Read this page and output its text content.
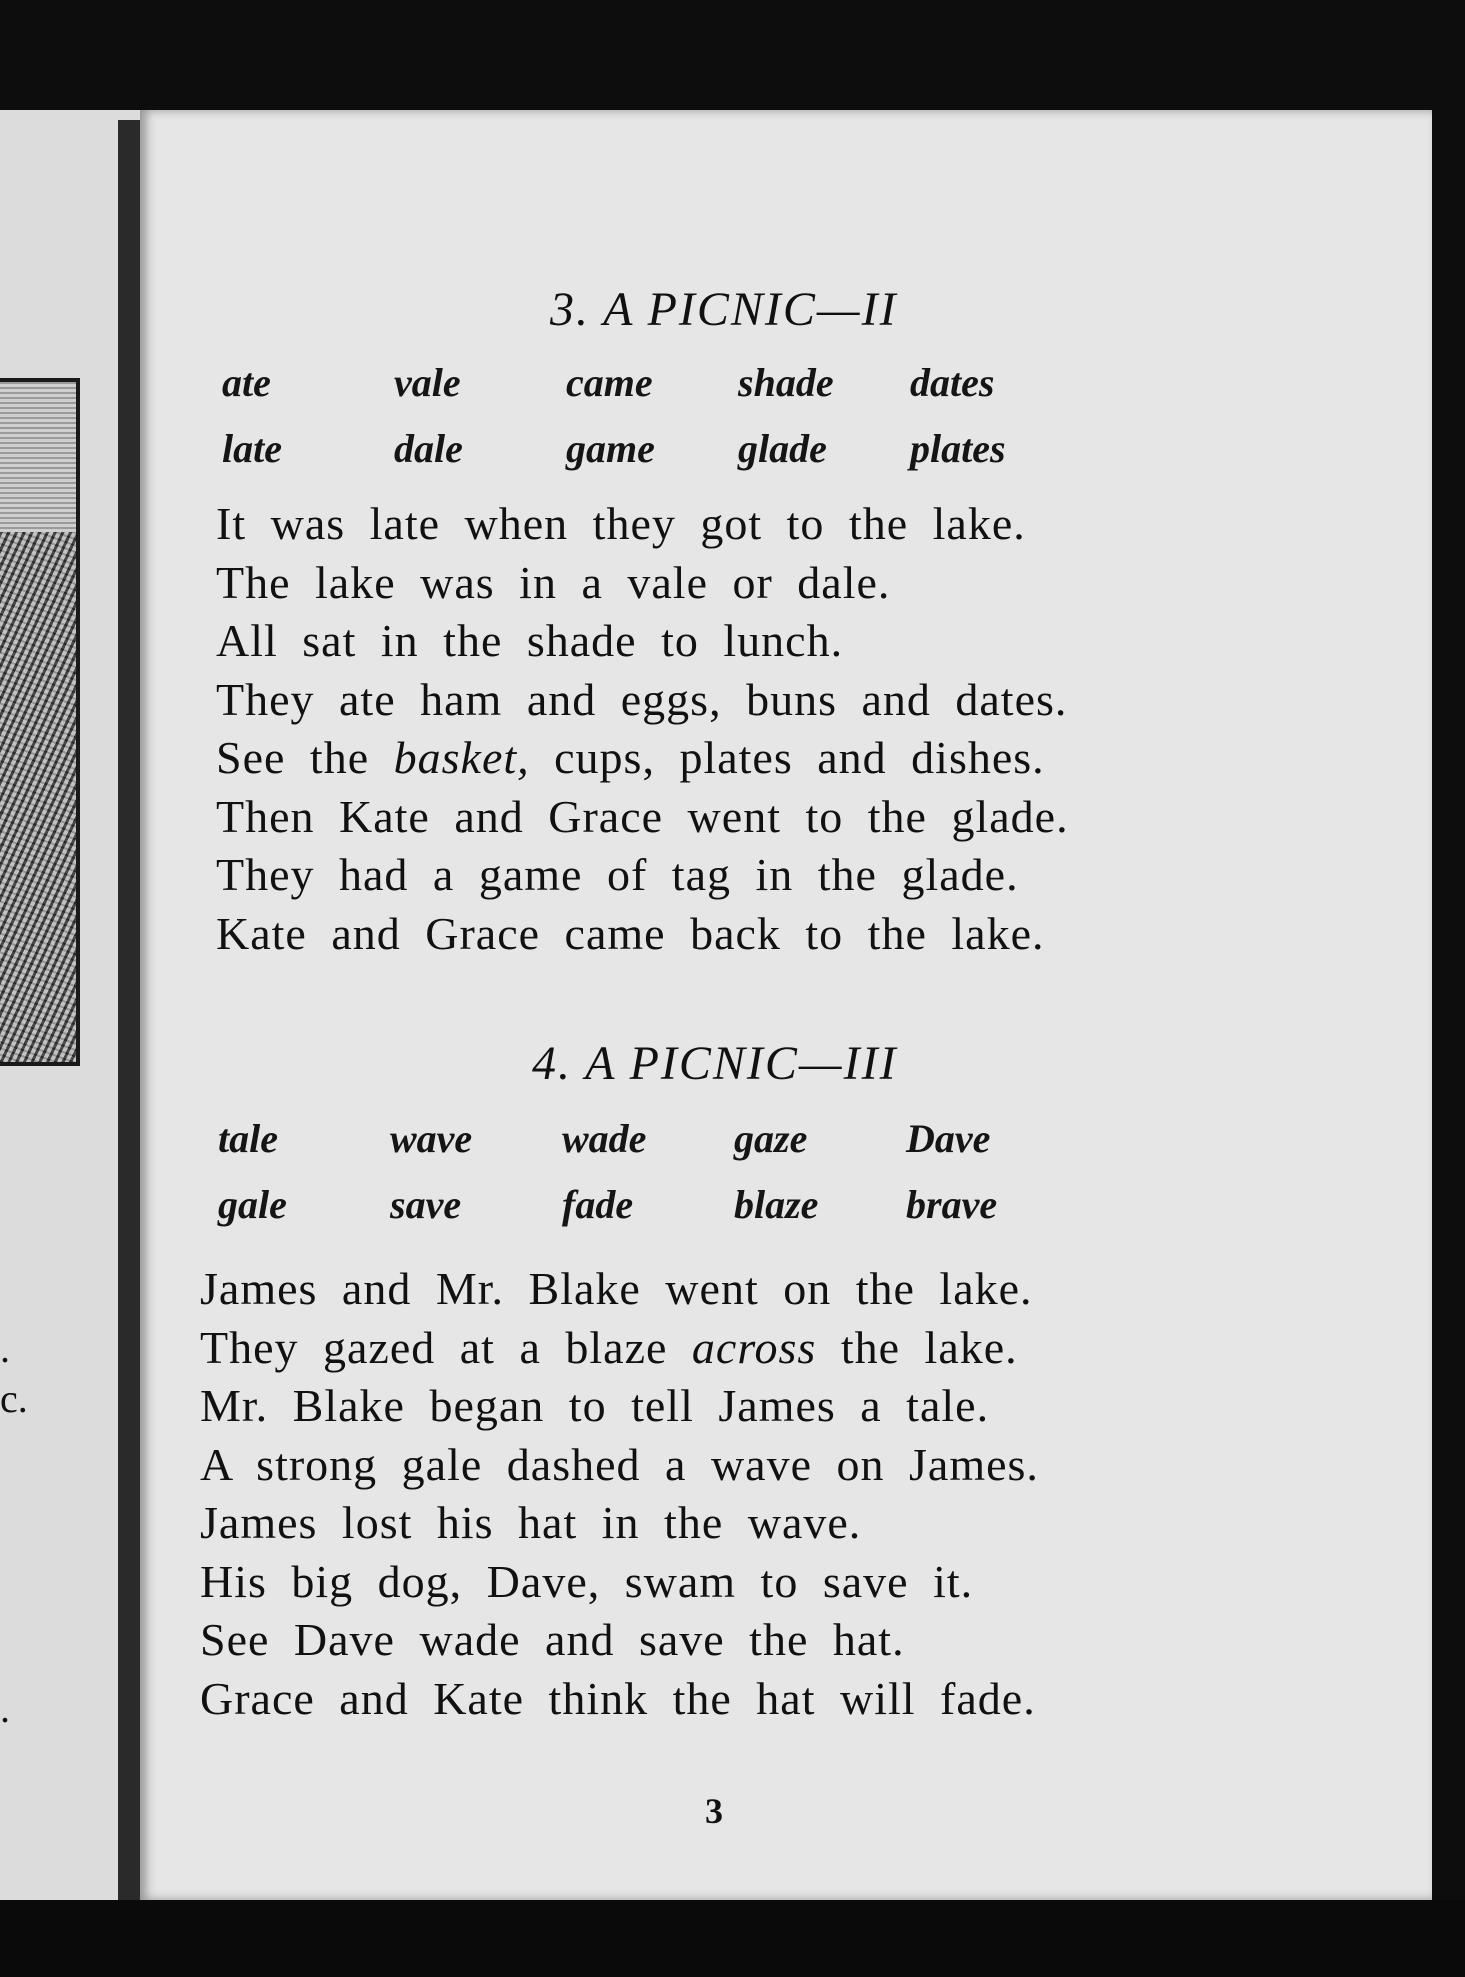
.
c.
.
3. A PICNIC—II
ate	vale	came	shade	dates
late	dale	game	glade	plates
It was late when they got to the lake.
The lake was in a vale or dale.
All sat in the shade to lunch.
They ate ham and eggs, buns and dates.
See the basket, cups, plates and dishes.
Then Kate and Grace went to the glade.
They had a game of tag in the glade.
Kate and Grace came back to the lake.
4. A PICNIC—III
tale	wave	wade	gaze	Dave
gale	save	fade	blaze	brave
James and Mr. Blake went on the lake.
They gazed at a blaze across the lake.
Mr. Blake began to tell James a tale.
A strong gale dashed a wave on James.
James lost his hat in the wave.
His big dog, Dave, swam to save it.
See Dave wade and save the hat.
Grace and Kate think the hat will fade.
3
